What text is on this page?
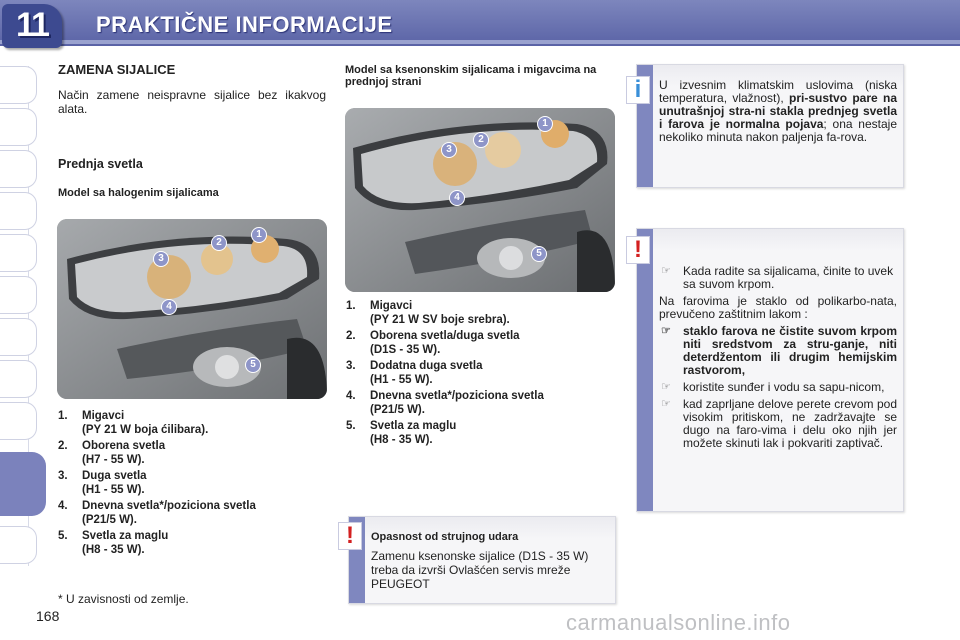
11	PRAKTIČNE INFORMACIJE
ZAMENA SIJALICE
Način zamene neispravne sijalice bez ikakvog alata.
Prednja svetla
Model sa halogenim sijalicama
1
2
3
4
5
1. Migavci
(PY 21 W boja ćilibara).
2. Oborena svetla
(H7 - 55 W).
3. Duga svetla
(H1 - 55 W).
4. Dnevna svetla*/poziciona svetla
(P21/5 W).
5. Svetla za maglu
(H8 - 35 W).
* U zavisnosti od zemlje.
Model sa ksenonskim sijalicama i migavcima na prednjoj strani
1
2
3
4
5
1. Migavci
(PY 21 W SV boje srebra).
2. Oborena svetla/duga svetla
(D1S - 35 W).
3. Dodatna duga svetla
(H1 - 55 W).
4. Dnevna svetla*/poziciona svetla
(P21/5 W).
5. Svetla za maglu
(H8 - 35 W).
Opasnost od strujnog udara
Zamenu ksenonske sijalice (D1S - 35 W) treba da izvrši Ovlašćen servis mreže PEUGEOT
!
U izvesnim klimatskim uslovima (niska temperatura, vlažnost), pri-sustvo pare na unutrašnjoj stra-ni stakla prednjeg svetla i farova je normalna pojava; ona nestaje nekoliko minuta nakon paljenja fa-rova.
i
☞ Kada radite sa sijalicama, činite to uvek sa suvom krpom.
Na farovima je staklo od polikarbo-nata, prevučeno zaštitnim lakom :
☞ staklo farova ne čistite suvom krpom niti sredstvom za stru-ganje, niti deterdžentom ili drugim hemijskim rastvorom,
☞ koristite sunđer i vodu sa sapu-nicom,
☞ kad zaprljane delove perete crevom pod visokim pritiskom, ne zadržavajte se dugo na faro-vima i delu oko njih jer možete skinuti lak i pokvariti zaptivač.
!
168	carmanualsonline.info
